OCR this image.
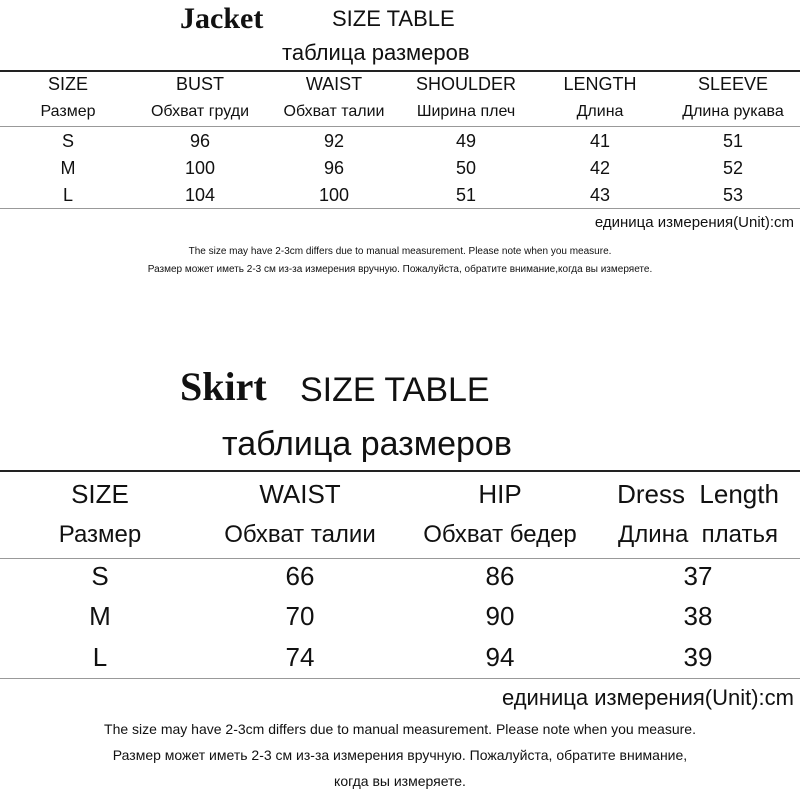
Jacket	SIZE TABLE
таблица размеров
SIZE	BUST	WAIST	SHOULDER	LENGTH	SLEEVE
Размер	Обхват груди	Обхват талии	Ширина плеч	Длина	Длина рукава
S	96	92	49	41	51
M	100	96	50	42	52
L	104	100	51	43	53
единица измерения(Unit):cm
The size may have 2-3cm differs due to manual measurement. Please note when you measure.
Размер может иметь 2-3 см из-за измерения вручную. Пожалуйста, обратите внимание,когда вы измеряете.
Skirt SIZE TABLE
таблица размеров
SIZE	WAIST	HIP	Dress  Length
Размер	Обхват талии	Обхват бедер	Длина  платья
S	66	86	37
M	70	90	38
L	74	94	39
единица измерения(Unit):cm
The size may have 2-3cm differs due to manual measurement. Please note when you measure.
Размер может иметь 2-3 см из-за измерения вручную. Пожалуйста, обратите внимание,
когда вы измеряете.
